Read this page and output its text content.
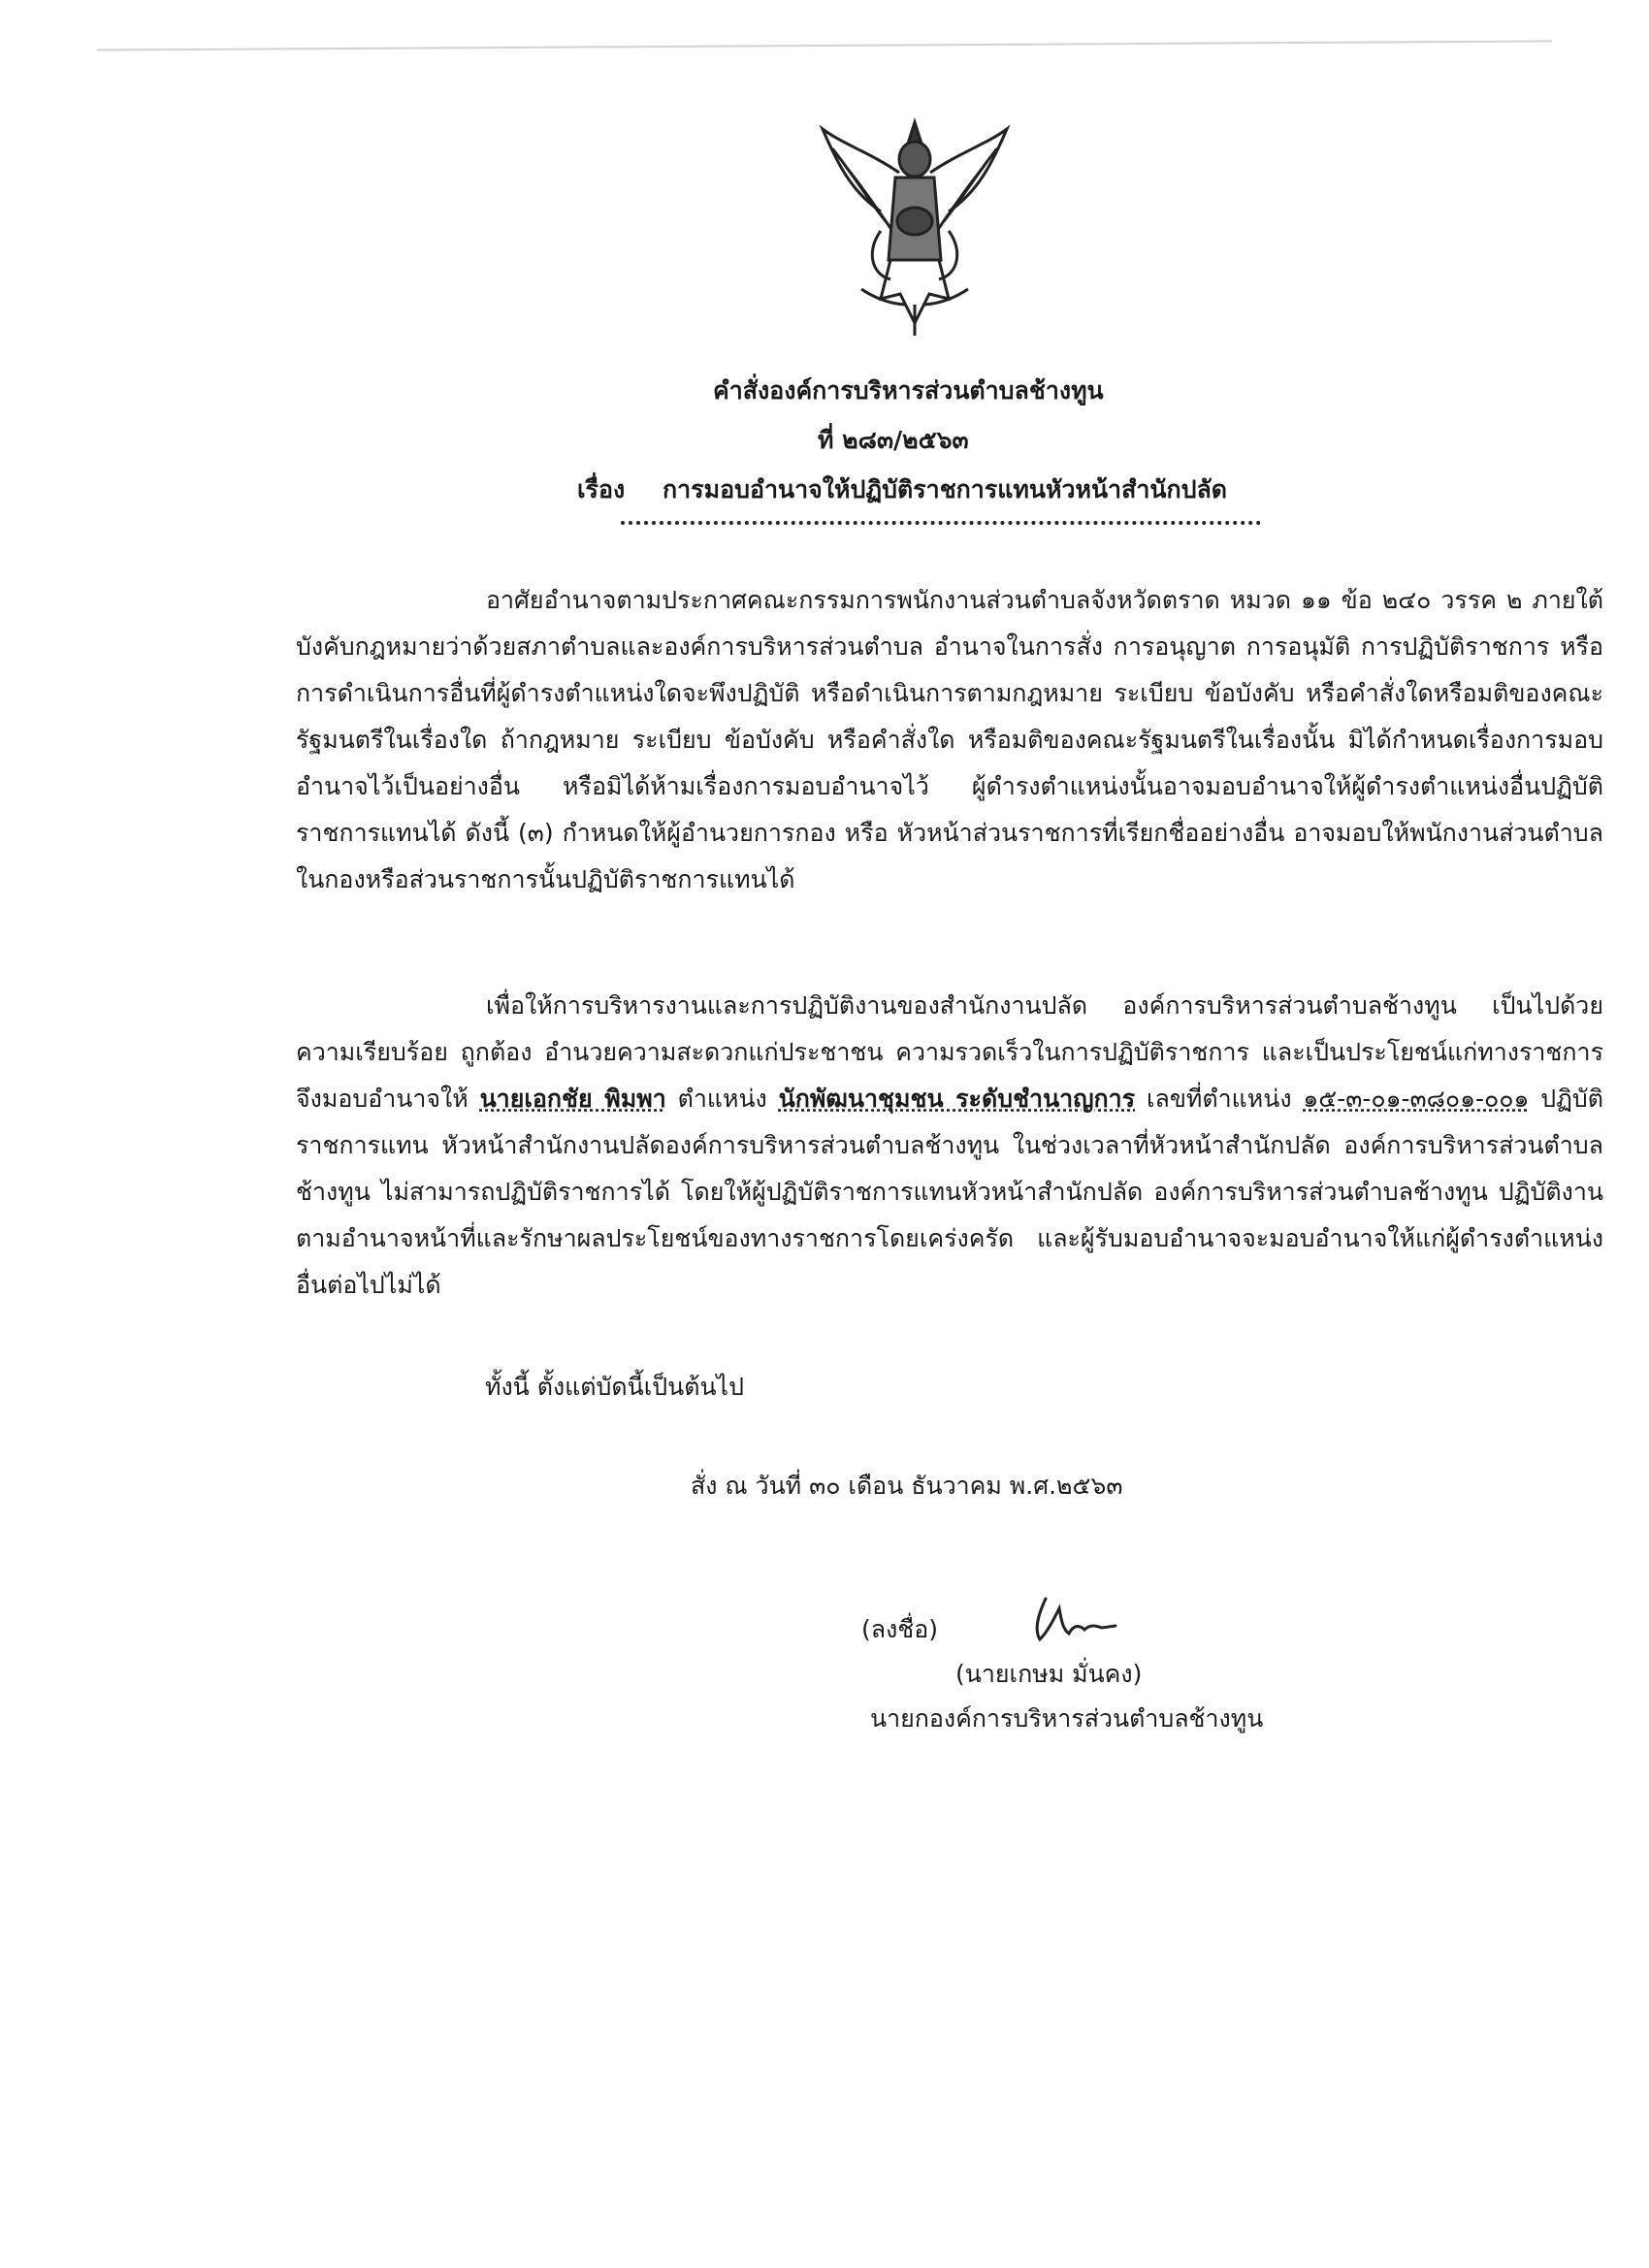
คำสั่งองค์การบริหารส่วนตำบลช้างทูน
ที่ ๒๘๓/๒๕๖๓
เรื่อง การมอบอำนาจให้ปฏิบัติราชการแทนหัวหน้าสำนักปลัด

อาศัยอำนาจตามประกาศคณะกรรมการพนักงานส่วนตำบลจังหวัดตราด หมวด ๑๑ ข้อ ๒๔๐ วรรค ๒ ภายใต้บังคับกฎหมายว่าด้วยสภาตำบลและองค์การบริหารส่วนตำบล อำนาจในการสั่ง การอนุญาต การอนุมัติ การปฏิบัติราชการ หรือการดำเนินการอื่นที่ผู้ดำรงตำแหน่งใดจะพึงปฏิบัติ หรือดำเนินการตามกฎหมาย ระเบียบ ข้อบังคับ หรือคำสั่งใดหรือมติของคณะรัฐมนตรีในเรื่องใด ถ้ากฎหมาย ระเบียบ ข้อบังคับ หรือคำสั่งใด หรือมติของคณะรัฐมนตรีในเรื่องนั้น มิได้กำหนดเรื่องการมอบอำนาจไว้เป็นอย่างอื่น หรือมิได้ห้ามเรื่องการมอบอำนาจไว้ ผู้ดำรงตำแหน่งนั้นอาจมอบอำนาจให้ผู้ดำรงตำแหน่งอื่นปฏิบัติราชการแทนได้ ดังนี้ (๓) กำหนดให้ผู้อำนวยการกอง หรือ หัวหน้าส่วนราชการที่เรียกชื่ออย่างอื่น อาจมอบให้พนักงานส่วนตำบลในกองหรือส่วนราชการนั้นปฏิบัติราชการแทนได้

เพื่อให้การบริหารงานและการปฏิบัติงานของสำนักงานปลัด องค์การบริหารส่วนตำบลช้างทูน เป็นไปด้วยความเรียบร้อย ถูกต้อง อำนวยความสะดวกแก่ประชาชน ความรวดเร็วในการปฏิบัติราชการ และเป็นประโยชน์แก่ทางราชการ จึงมอบอำนาจให้ นายเอกชัย พิมพา ตำแหน่ง นักพัฒนาชุมชน ระดับชำนาญการ เลขที่ตำแหน่ง ๑๕-๓-๐๑-๓๘๐๑-๐๐๑ ปฏิบัติราชการแทน หัวหน้าสำนักงานปลัดองค์การบริหารส่วนตำบลช้างทูน ในช่วงเวลาที่หัวหน้าสำนักปลัด องค์การบริหารส่วนตำบลช้างทูน ไม่สามารถปฏิบัติราชการได้ โดยให้ผู้ปฏิบัติราชการแทนหัวหน้าสำนักปลัด องค์การบริหารส่วนตำบลช้างทูน ปฏิบัติงานตามอำนาจหน้าที่และรักษาผลประโยชน์ของทางราชการโดยเคร่งครัด และผู้รับมอบอำนาจจะมอบอำนาจให้แก่ผู้ดำรงตำแหน่งอื่นต่อไปไม่ได้

ทั้งนี้ ตั้งแต่บัดนี้เป็นต้นไป
สั่ง ณ วันที่ ๓๐ เดือน ธันวาคม พ.ศ.๒๕๖๓
(ลงชื่อ)
(นายเกษม มั่นคง)
นายกองค์การบริหารส่วนตำบลช้างทูน
